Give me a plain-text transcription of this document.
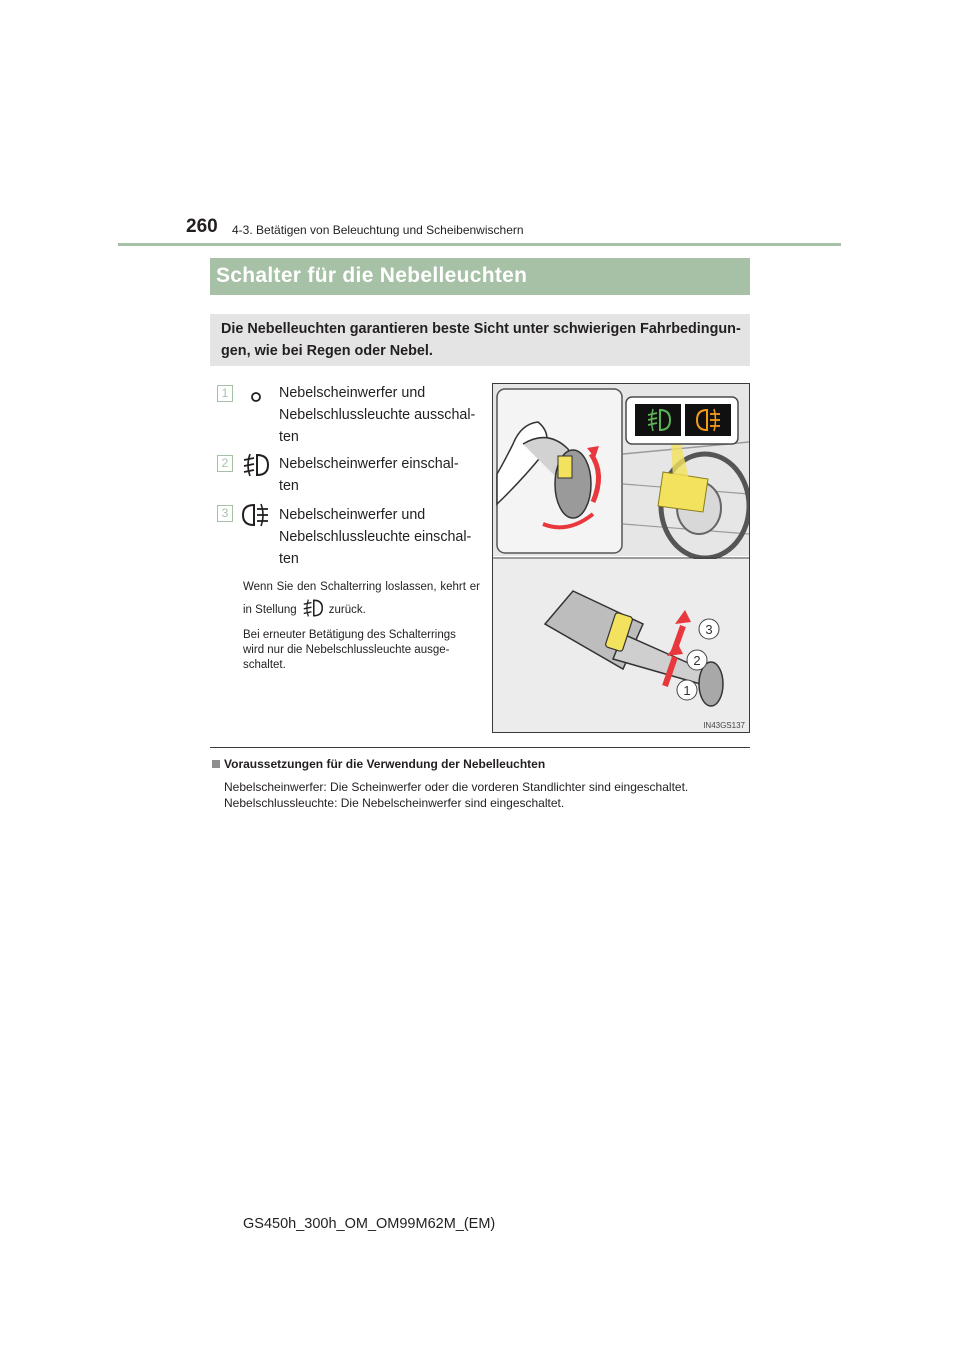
260 4-3. Betätigen von Beleuchtung und Scheibenwischern
Schalter für die Nebelleuchten
Die Nebelleuchten garantieren beste Sicht unter schwierigen Fahrbedingun-
gen, wie bei Regen oder Nebel.
1	Nebelscheinwerfer und
Nebelschlussleuchte ausschal-
ten
2	Nebelscheinwerfer einschal-
ten
3	Nebelscheinwerfer und
Nebelschlussleuchte einschal-
ten
Wenn Sie den Schalterring loslassen, kehrt er in Stellung	zurück.
Bei erneuter Betätigung des Schalterrings
wird nur die Nebelschlussleuchte ausge-
schaltet.
1
2
3
IN43GS137
Voraussetzungen für die Verwendung der Nebelleuchten
Nebelscheinwerfer: Die Scheinwerfer oder die vorderen Standlichter sind eingeschaltet.
Nebelschlussleuchte: Die Nebelscheinwerfer sind eingeschaltet.
GS450h_300h_OM_OM99M62M_(EM)
